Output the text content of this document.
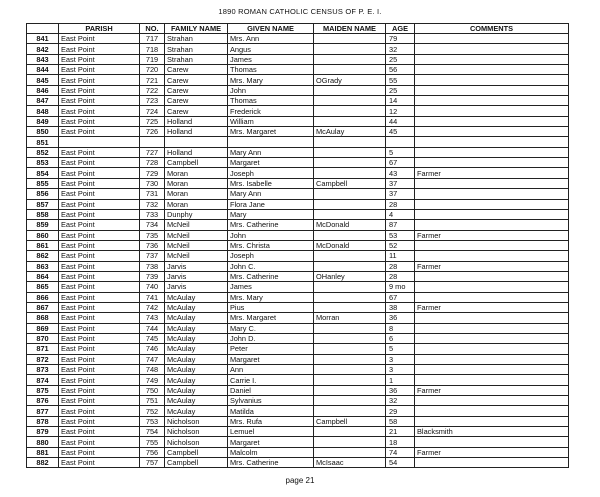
1890 ROMAN CATHOLIC CENSUS OF P. E. I.
	PARISH	NO.	FAMILY NAME	GIVEN NAME	MAIDEN NAME	AGE	COMMENTS
841	East Point	717	Strahan	Mrs. Ann		79	
842	East Point	718	Strahan	Angus		32	
843	East Point	719	Strahan	James		25	
844	East Point	720	Carew	Thomas		56	
845	East Point	721	Carew	Mrs. Mary	OGrady	55	
846	East Point	722	Carew	John		25	
847	East Point	723	Carew	Thomas		14	
848	East Point	724	Carew	Frederick		12	
849	East Point	725	Holland	William		44	
850	East Point	726	Holland	Mrs. Margaret	McAulay	45	
851							
852	East Point	727	Holland	Mary Ann		5	
853	East Point	728	Campbell	Margaret		67	
854	East Point	729	Moran	Joseph		43	Farmer
855	East Point	730	Moran	Mrs. Isabelle	Campbell	37	
856	East Point	731	Moran	Mary Ann		37	
857	East Point	732	Moran	Flora Jane		28	
858	East Point	733	Dunphy	Mary		4	
859	East Point	734	McNeil	Mrs. Catherine	McDonald	87	
860	East Point	735	McNeil	John		53	Farmer
861	East Point	736	McNeil	Mrs. Christa	McDonald	52	
862	East Point	737	McNeil	Joseph		11	
863	East Point	738	Jarvis	John C.		28	Farmer
864	East Point	739	Jarvis	Mrs. Catherine	OHanley	28	
865	East Point	740	Jarvis	James		9 mo	
866	East Point	741	McAulay	Mrs. Mary		67	
867	East Point	742	McAulay	Pius		38	Farmer
868	East Point	743	McAulay	Mrs. Margaret	Morran	36	
869	East Point	744	McAulay	Mary C.		8	
870	East Point	745	McAulay	John D.		6	
871	East Point	746	McAulay	Peter		5	
872	East Point	747	McAulay	Margaret		3	
873	East Point	748	McAulay	Ann		3	
874	East Point	749	McAulay	Carrie I.		1	
875	East Point	750	McAulay	Daniel		36	Farmer
876	East Point	751	McAulay	Sylvanius		32	
877	East Point	752	McAulay	Matilda		29	
878	East Point	753	Nicholson	Mrs. Rufa	Campbell	58	
879	East Point	754	Nicholson	Lemuel		21	Blacksmith
880	East Point	755	Nicholson	Margaret		18	
881	East Point	756	Campbell	Malcolm		74	Farmer
882	East Point	757	Campbell	Mrs. Catherine	McIsaac	54	
page 21
